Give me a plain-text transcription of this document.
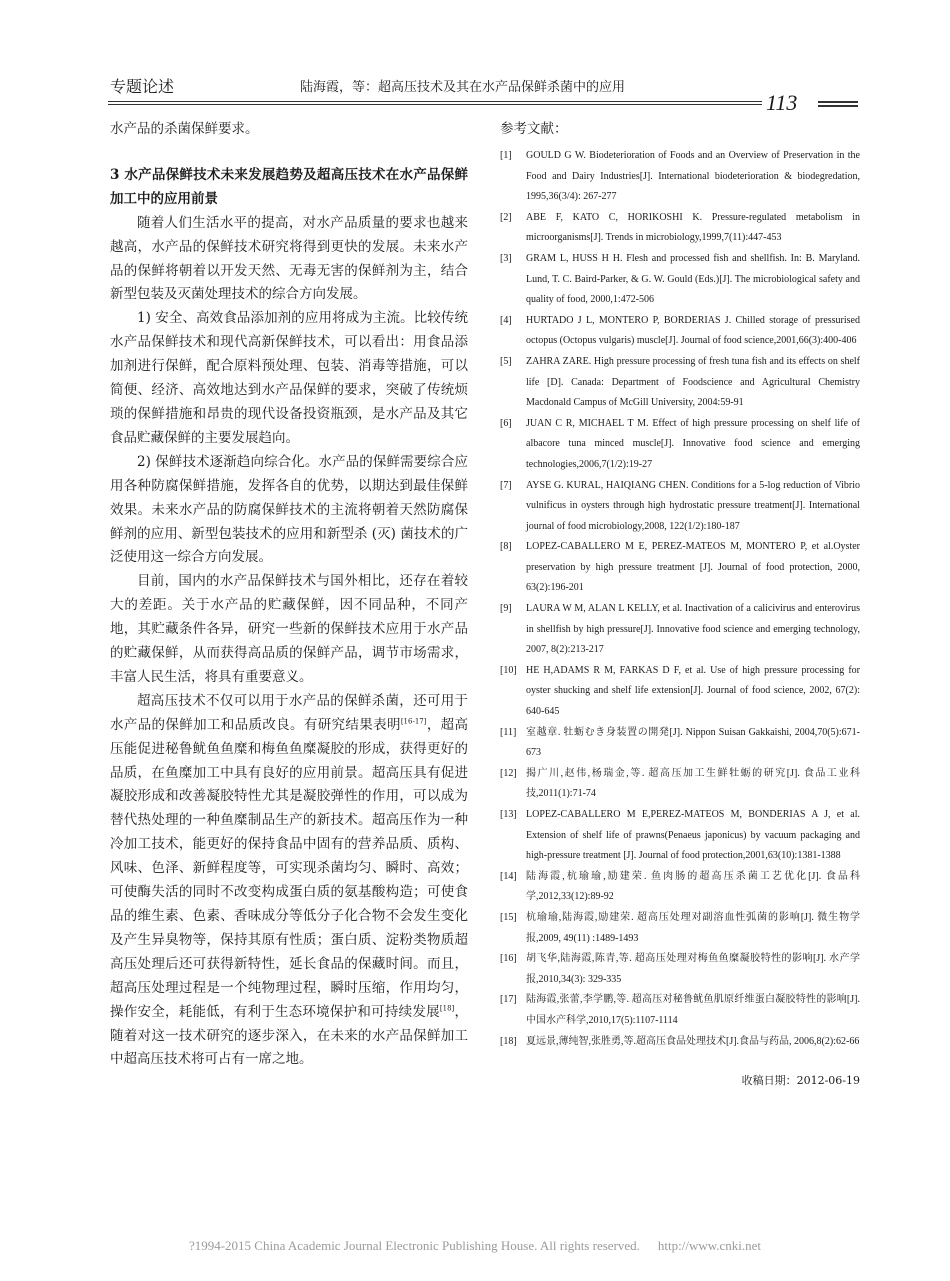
专题论述	陆海霞，等：超高压技术及其在水产品保鲜杀菌中的应用
113

水产品的杀菌保鲜要求。

3 水产品保鲜技术未来发展趋势及超高压技术在水产品保鲜加工中的应用前景

随着人们生活水平的提高，对水产品质量的要求也越来越高，水产品的保鲜技术研究将得到更快的发展。未来水产品的保鲜将朝着以开发天然、无毒无害的保鲜剂为主，结合新型包装及灭菌处理技术的综合方向发展。

1) 安全、高效食品添加剂的应用将成为主流。比较传统水产品保鲜技术和现代高新保鲜技术，可以看出：用食品添加剂进行保鲜，配合原料预处理、包装、消毒等措施，可以简便、经济、高效地达到水产品保鲜的要求，突破了传统烦琐的保鲜措施和昂贵的现代设备投资瓶颈，是水产品及其它食品贮藏保鲜的主要发展趋向。

2) 保鲜技术逐渐趋向综合化。水产品的保鲜需要综合应用各种防腐保鲜措施，发挥各自的优势，以期达到最佳保鲜效果。未来水产品的防腐保鲜技术的主流将朝着天然防腐保鲜剂的应用、新型包装技术的应用和新型杀 (灭) 菌技术的广泛使用这一综合方向发展。

目前，国内的水产品保鲜技术与国外相比，还存在着较大的差距。关于水产品的贮藏保鲜，因不同品种，不同产地，其贮藏条件各异，研究一些新的保鲜技术应用于水产品的贮藏保鲜，从而获得高品质的保鲜产品，调节市场需求，丰富人民生活，将具有重要意义。

超高压技术不仅可以用于水产品的保鲜杀菌，还可用于水产品的保鲜加工和品质改良。有研究结果表明[16-17]，超高压能促进秘鲁鱿鱼鱼糜和梅鱼鱼糜凝胶的形成，获得更好的品质，在鱼糜加工中具有良好的应用前景。超高压具有促进凝胶形成和改善凝胶特性尤其是凝胶弹性的作用，可以成为替代热处理的一种鱼糜制品生产的新技术。超高压作为一种冷加工技术，能更好的保持食品中固有的营养品质、质构、风味、色泽、新鲜程度等，可实现杀菌均匀、瞬时、高效；可使酶失活的同时不改变构成蛋白质的氨基酸构造；可使食品的维生素、色素、香味成分等低分子化合物不会发生变化及产生异臭物等，保持其原有性质；蛋白质、淀粉类物质超高压处理后还可获得新特性，延长食品的保藏时间。而且，超高压处理过程是一个纯物理过程，瞬时压缩，作用均匀，操作安全，耗能低，有利于生态环境保护和可持续发展[18]，随着对这一技术研究的逐步深入，在未来的水产品保鲜加工中超高压技术将可占有一席之地。

参考文献：
[1] GOULD G W. Biodeterioration of Foods and an Overview of Preservation in the Food and Dairy Industries[J]. International biodeterioration & biodegredation, 1995,36(3/4): 267-277
[2] ABE F, KATO C, HORIKOSHI K. Pressure-regulated metabolism in microorganisms[J]. Trends in microbiology,1999,7(11):447-453
[3] GRAM L, HUSS H H. Flesh and processed fish and shellfish. In: B. Maryland. Lund, T. C. Baird-Parker, & G. W. Gould (Eds.)[J]. The microbiological safety and quality of food, 2000,1:472-506
[4] HURTADO J L, MONTERO P, BORDERIAS J. Chilled storage of pressurised octopus (Octopus vulgaris) muscle[J]. Journal of food science,2001,66(3):400-406
[5] ZAHRA ZARE. High pressure processing of fresh tuna fish and its effects on shelf life [D]. Canada: Department of Foodscience and Agricultural Chemistry Macdonald Campus of McGill University, 2004:59-91
[6] JUAN C R, MICHAEL T M. Effect of high pressure processing on shelf life of albacore tuna minced muscle[J]. Innovative food science and emerging technologies,2006,7(1/2):19-27
[7] AYSE G. KURAL, HAIQIANG CHEN. Conditions for a 5-log reduction of Vibrio vulnificus in oysters through high hydrostatic pressure treatment[J]. International journal of food microbiology,2008, 122(1/2):180-187
[8] LOPEZ-CABALLERO M E, PEREZ-MATEOS M, MONTERO P, et al.Oyster preservation by high pressure treatment [J]. Journal of food protection, 2000, 63(2):196-201
[9] LAURA W M, ALAN L KELLY, et al. Inactivation of a calicivirus and enterovirus in shellfish by high pressure[J]. Innovative food science and emerging technology, 2007, 8(2):213-217
[10] HE H,ADAMS R M, FARKAS D F, et al. Use of high pressure processing for oyster shucking and shelf life extension[J]. Journal of food science, 2002, 67(2): 640-645
[11] 室越章. 牡蛎むき身装置の開発[J]. Nippon Suisan Gakkaishi, 2004,70(5):671-673
[12] 揭广川,赵伟,杨瑞金,等. 超高压加工生鲜牡蛎的研究[J]. 食品工业科技,2011(1):71-74
[13] LOPEZ-CABALLERO M E,PEREZ-MATEOS M, BONDERIAS A J, et al. Extension of shelf life of prawns(Penaeus japonicus) by vacuum packaging and high-pressure treatment [J]. Journal of food protection,2001,63(10):1381-1388
[14] 陆海霞,杭瑜瑜,励建荣. 鱼肉肠的超高压杀菌工艺优化[J]. 食品科学,2012,33(12):89-92
[15] 杭瑜瑜,陆海霞,励建荣. 超高压处理对副溶血性弧菌的影响[J]. 微生物学报,2009, 49(11) :1489-1493
[16] 胡飞华,陆海霞,陈青,等. 超高压处理对梅鱼鱼糜凝胶特性的影响[J]. 水产学报,2010,34(3): 329-335
[17] 陆海霞,张蕾,李学鹏,等. 超高压对秘鲁鱿鱼肌原纤维蛋白凝胶特性的影响[J]. 中国水产科学,2010,17(5):1107-1114
[18] 夏远景,薄纯智,张胜勇,等.超高压食品处理技术[J].食品与药品, 2006,8(2):62-66
收稿日期：2012-06-19
?1994-2015 China Academic Journal Electronic Publishing House. All rights reserved. http://www.cnki.net
